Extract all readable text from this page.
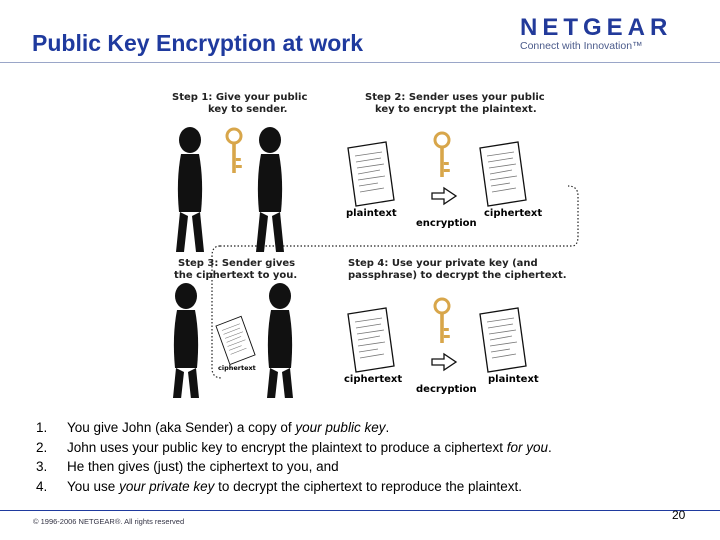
Public Key Encryption at work
NETGEAR
Connect with Innovation™
Step 1: Give your public key to sender.
Step 2: Sender uses your public key to encrypt the plaintext.
plaintext
encryption
ciphertext
Step 3: Sender gives the ciphertext to you.
ciphertext
Step 4: Use your private key (and passphrase) to decrypt the ciphertext.
ciphertext
decryption
plaintext
1. You give John (aka Sender) a copy of your public key.
2. John uses your public key to encrypt the plaintext to produce a ciphertext for you.
3. He then gives (just) the ciphertext to you, and
4. You use your private key to decrypt the ciphertext to reproduce the plaintext.
© 1996-2006 NETGEAR®. All rights reserved	20
